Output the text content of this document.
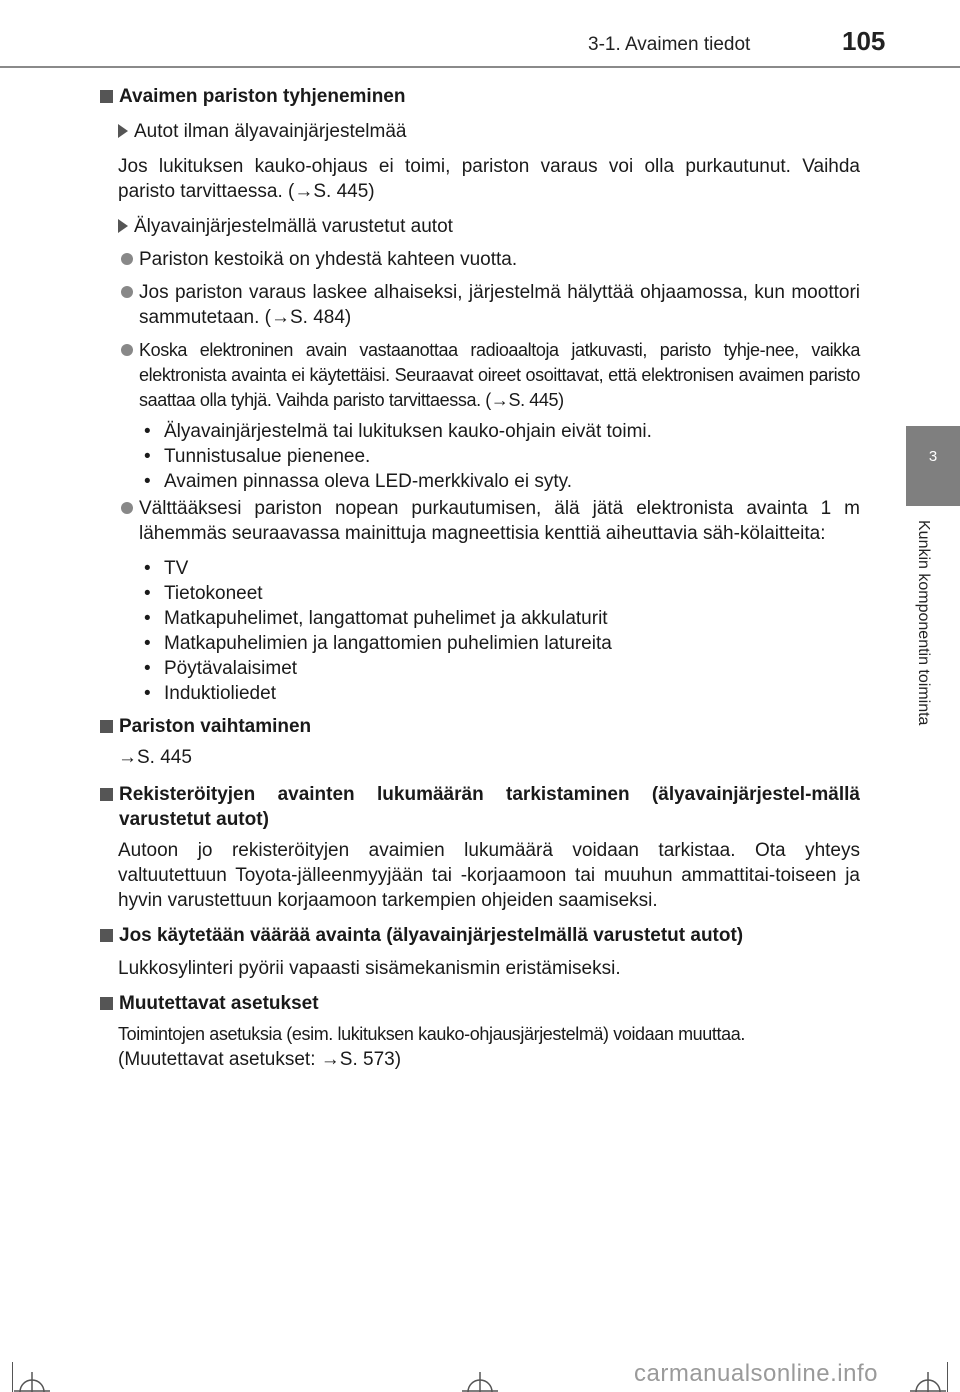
3-1. Avaimen tiedot	105
3
Kunkin komponentin toiminta
Avaimen pariston tyhjeneminen
Autot ilman älyavainjärjestelmää
Jos lukituksen kauko-ohjaus ei toimi, pariston varaus voi olla purkautunut. Vaihda paristo tarvittaessa. (→S. 445)
Älyavainjärjestelmällä varustetut autot
Pariston kestoikä on yhdestä kahteen vuotta.
Jos pariston varaus laskee alhaiseksi, järjestelmä hälyttää ohjaamossa, kun moottori sammutetaan. (→S. 484)
Koska elektroninen avain vastaanottaa radioaaltoja jatkuvasti, paristo tyhje-nee, vaikka elektronista avainta ei käytettäisi. Seuraavat oireet osoittavat, että elektronisen avaimen paristo saattaa olla tyhjä. Vaihda paristo tarvittaessa. (→S. 445)
• Älyavainjärjestelmä tai lukituksen kauko-ohjain eivät toimi.
• Tunnistusalue pienenee.
• Avaimen pinnassa oleva LED-merkkivalo ei syty.
Välttääksesi pariston nopean purkautumisen, älä jätä elektronista avainta 1 m lähemmäs seuraavassa mainittuja magneettisia kenttiä aiheuttavia säh-kölaitteita:
• TV
• Tietokoneet
• Matkapuhelimet, langattomat puhelimet ja akkulaturit
• Matkapuhelimien ja langattomien puhelimien latureita
• Pöytävalaisimet
• Induktioliedet
Pariston vaihtaminen
→S. 445
Rekisteröityjen avainten lukumäärän tarkistaminen (älyavainjärjestel-mällä varustetut autot)
Autoon jo rekisteröityjen avaimien lukumäärä voidaan tarkistaa. Ota yhteys valtuutettuun Toyota-jälleenmyyjään tai -korjaamoon tai muuhun ammattitai-toiseen ja hyvin varustettuun korjaamoon tarkempien ohjeiden saamiseksi.
Jos käytetään väärää avainta (älyavainjärjestelmällä varustetut autot)
Lukkosylinteri pyörii vapaasti sisämekanismin eristämiseksi.
Muutettavat asetukset
Toimintojen asetuksia (esim. lukituksen kauko-ohjausjärjestelmä) voidaan muuttaa.
(Muutettavat asetukset: →S. 573)
carmanualsonline.info
